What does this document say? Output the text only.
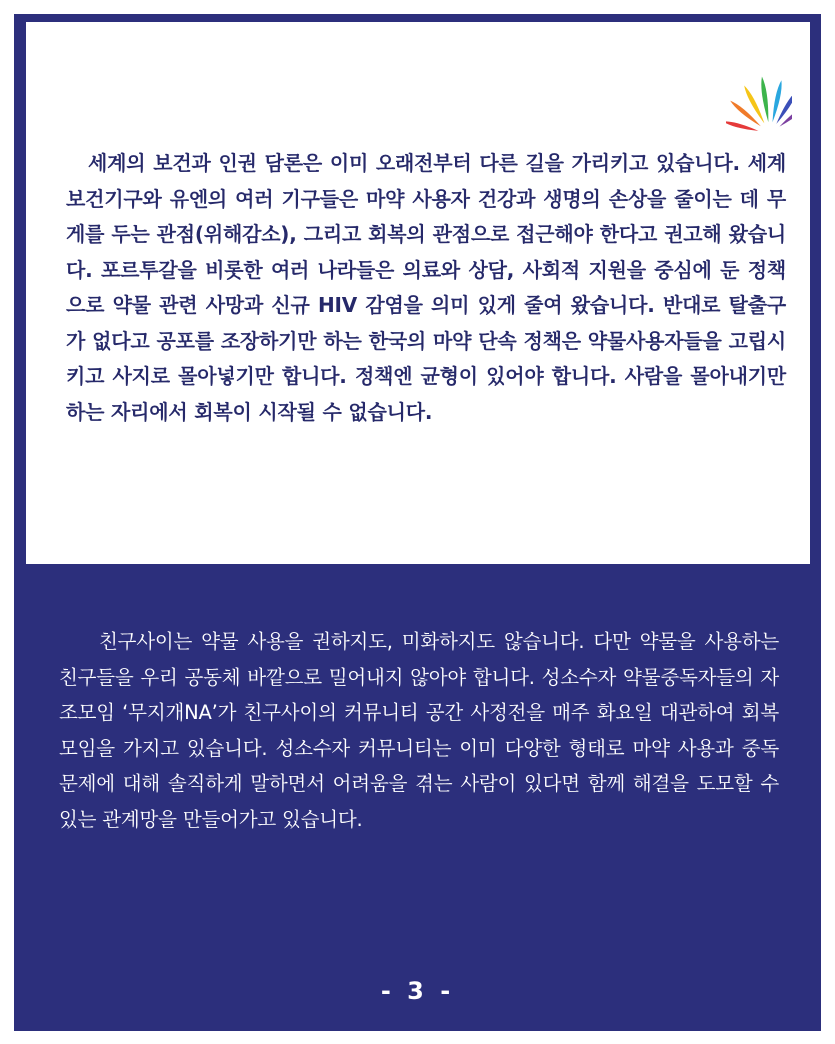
세계의 보건과 인권 담론은 이미 오래전부터 다른 길을 가리키고 있습니다. 세계보건기구와 유엔의 여러 기구들은 마약 사용자 건강과 생명의 손상을 줄이는 데 무게를 두는 관점(위해감소), 그리고 회복의 관점으로 접근해야 한다고 권고해 왔습니다. 포르투갈을 비롯한 여러 나라들은 의료와 상담, 사회적 지원을 중심에 둔 정책으로 약물 관련 사망과 신규 HIV 감염을 의미 있게 줄여 왔습니다. 반대로 탈출구가 없다고 공포를 조장하기만 하는 한국의 마약 단속 정책은 약물사용자들을 고립시키고 사지로 몰아넣기만 합니다. 정책엔 균형이 있어야 합니다. 사람을 몰아내기만 하는 자리에서 회복이 시작될 수 없습니다.

친구사이는 약물 사용을 권하지도, 미화하지도 않습니다. 다만 약물을 사용하는 친구들을 우리 공동체 바깥으로 밀어내지 않아야 합니다. 성소수자 약물중독자들의 자조모임 ‘무지개NA’가 친구사이의 커뮤니티 공간 사정전을 매주 화요일 대관하여 회복 모임을 가지고 있습니다. 성소수자 커뮤니티는 이미 다양한 형태로 마약 사용과 중독 문제에 대해 솔직하게 말하면서 어려움을 겪는 사람이 있다면 함께 해결을 도모할 수 있는 관계망을 만들어가고 있습니다.

- 3 -
